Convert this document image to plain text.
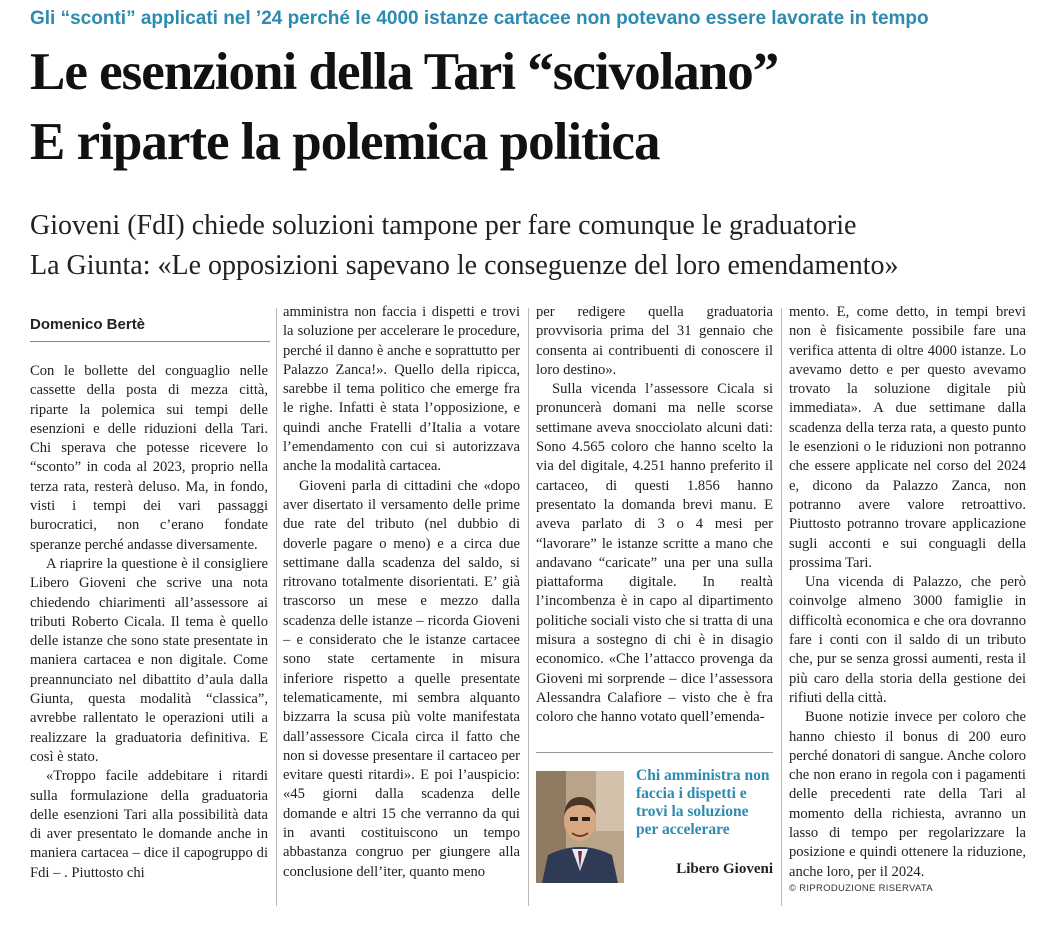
Gli “sconti” applicati nel ’24 perché le 4000 istanze cartacee non potevano essere lavorate in tempo
Le esenzioni della Tari “scivolano”
E riparte la polemica politica
Gioveni (FdI) chiede soluzioni tampone per fare comunque le graduatorie
La Giunta: «Le opposizioni sapevano le conseguenze del loro emendamento»
Domenico Bertè

Con le bollette del conguaglio nelle cassette della posta di mezza città, riparte la polemica sui tempi delle esenzioni e delle riduzioni della Tari. Chi sperava che potesse ricevere lo “sconto” in coda al 2023, proprio nella terza rata, resterà deluso. Ma, in fondo, visti i tempi dei vari passaggi burocratici, non c’erano fondate speranze perché andasse diversamente.

A riaprire la questione è il consigliere Libero Gioveni che scrive una nota chiedendo chiarimenti all’assessore ai tributi Roberto Cicala. Il tema è quello delle istanze che sono state presentate in maniera cartacea e non digitale. Come preannunciato nel dibattito d’aula dalla Giunta, questa modalità “classica”, avrebbe rallentato le operazioni utili a realizzare la graduatoria definitiva. E così è stato.

«Troppo facile addebitare i ritardi sulla formulazione della graduatoria delle esenzioni Tari alla possibilità data di aver presentato le domande anche in maniera cartacea – dice il capogruppo di Fdi – . Piuttosto chi

amministra non faccia i dispetti e trovi la soluzione per accelerare le procedure, perché il danno è anche e soprattutto per Palazzo Zanca!». Quello della ripicca, sarebbe il tema politico che emerge fra le righe. Infatti è stata l’opposizione, e quindi anche Fratelli d’Italia a votare l’emendamento con cui si autorizzava anche la modalità cartacea.

Gioveni parla di cittadini che «dopo aver disertato il versamento delle prime due rate del tributo (nel dubbio di doverle pagare o meno) e a circa due settimane dalla scadenza del saldo, si ritrovano totalmente disorientati. E’ già trascorso un mese e mezzo dalla scadenza delle istanze – ricorda Gioveni – e considerato che le istanze cartacee sono state certamente in misura inferiore rispetto a quelle presentate telematicamente, mi sembra alquanto bizzarra la scusa più volte manifestata dall’assessore Cicala circa il fatto che non si dovesse presentare il cartaceo per evitare questi ritardi». E poi l’auspicio: «45 giorni dalla scadenza delle domande e altri 15 che verranno da qui in avanti costituiscono un tempo abbastanza congruo per giungere alla conclusione dell’iter, quanto meno

per redigere quella graduatoria provvisoria prima del 31 gennaio che consenta ai contribuenti di conoscere il loro destino».

Sulla vicenda l’assessore Cicala si pronuncerà domani ma nelle scorse settimane aveva snocciolato alcuni dati: Sono 4.565 coloro che hanno scelto la via del digitale, 4.251 hanno preferito il cartaceo, di questi 1.856 hanno presentato la domanda brevi manu. E aveva parlato di 3 o 4 mesi per “lavorare” le istanze scritte a mano che andavano “caricate” una per una sulla piattaforma digitale. In realtà l’incombenza è in capo al dipartimento politiche sociali visto che si tratta di una misura a sostegno di chi è in disagio economico. «Che l’attacco provenga da Gioveni mi sorprende – dice l’assessora Alessandra Calafiore – visto che è fra coloro che hanno votato quell’emenda-

Chi amministra non faccia i dispetti e trovi la soluzione per accelerare
Libero Gioveni

mento. E, come detto, in tempi brevi non è fisicamente possibile fare una verifica attenta di oltre 4000 istanze. Lo avevamo detto e per questo avevamo trovato la soluzione digitale più immediata». A due settimane dalla scadenza della terza rata, a questo punto le esenzioni o le riduzioni non potranno che essere applicate nel corso del 2024 e, dicono da Palazzo Zanca, non potranno avere valore retroattivo. Piuttosto potranno trovare applicazione sugli acconti e sui conguagli della prossima Tari.

Una vicenda di Palazzo, che però coinvolge almeno 3000 famiglie in difficoltà economica e che ora dovranno fare i conti con il saldo di un tributo che, pur se senza grossi aumenti, resta il più caro della storia della gestione dei rifiuti della città.

Buone notizie invece per coloro che hanno chiesto il bonus di 200 euro perché donatori di sangue. Anche coloro che non erano in regola con i pagamenti delle precedenti rate della Tari al momento della richiesta, avranno un lasso di tempo per regolarizzare la posizione e quindi ottenere la riduzione, anche loro, per il 2024.

© RIPRODUZIONE RISERVATA
